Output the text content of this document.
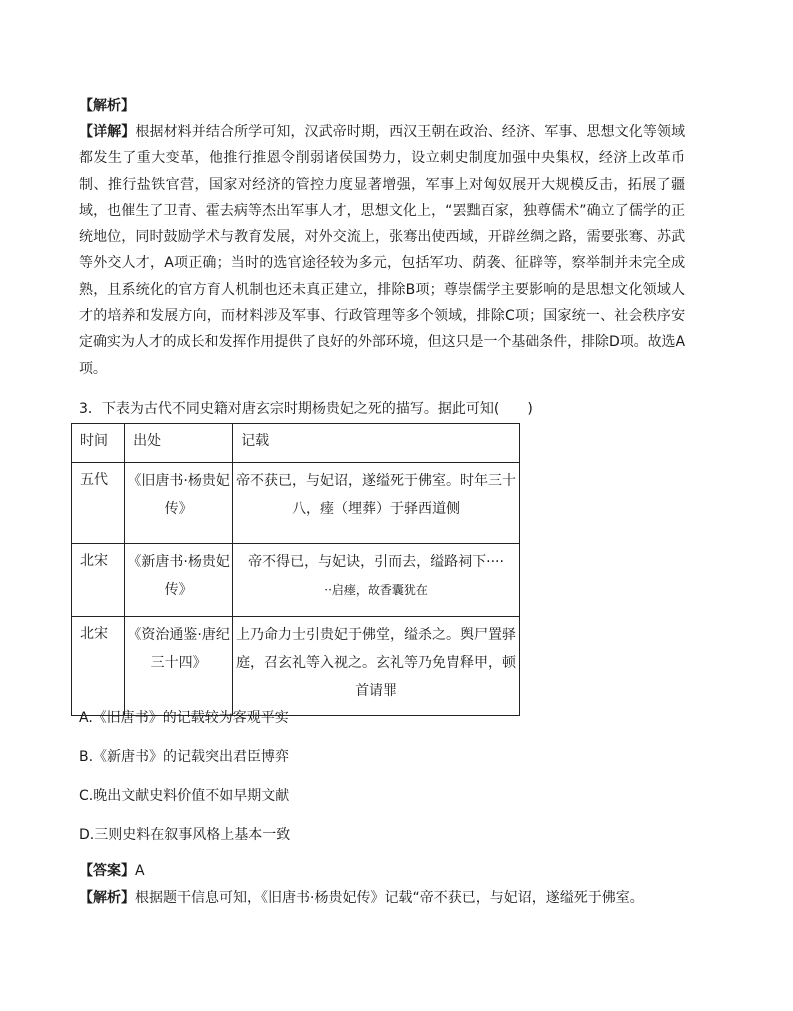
【解析】
【详解】根据材料并结合所学可知，汉武帝时期，西汉王朝在政治、经济、军事、思想文化等领域都发生了重大变革，他推行推恩令削弱诸侯国势力，设立刺史制度加强中央集权，经济上改革币制、推行盐铁官营，国家对经济的管控力度显著增强，军事上对匈奴展开大规模反击，拓展了疆域，也催生了卫青、霍去病等杰出军事人才，思想文化上，“罢黜百家，独尊儒术”确立了儒学的正统地位，同时鼓励学术与教育发展，对外交流上，张骞出使西域，开辟丝绸之路，需要张骞、苏武等外交人才，A项正确；当时的选官途径较为多元，包括军功、荫袭、征辟等，察举制并未完全成熟，且系统化的官方育人机制也还未真正建立，排除B项；尊崇儒学主要影响的是思想文化领域人才的培养和发展方向，而材料涉及军事、行政管理等多个领域，排除C项；国家统一、社会秩序安定确实为人才的成长和发挥作用提供了良好的外部环境，但这只是一个基础条件，排除D项。故选A项。
3．下表为古代不同史籍对唐玄宗时期杨贵妃之死的描写。据此可知(　　)
时间	出处	记载
五代	《旧唐书·杨贵妃传》	帝不获已，与妃诏，遂缢死于佛室。时年三十八，瘗（埋葬）于驿西道侧

北宋	《新唐书·杨贵妃传》	帝不得已，与妃诀，引而去，缢路祠下····
··启瘗，故香囊犹在

北宋	《资治通鉴·唐纪三十四》	上乃命力士引贵妃于佛堂，缢杀之。舆尸置驿庭，召玄礼等入视之。玄礼等乃免胄释甲，顿首请罪
A.《旧唐书》的记载较为客观平实
B.《新唐书》的记载突出君臣博弈
C.晚出文献史料价值不如早期文献
D.三则史料在叙事风格上基本一致
【答案】A
【解析】根据题干信息可知，《旧唐书·杨贵妃传》记载“帝不获已，与妃诏，遂缢死于佛室。
